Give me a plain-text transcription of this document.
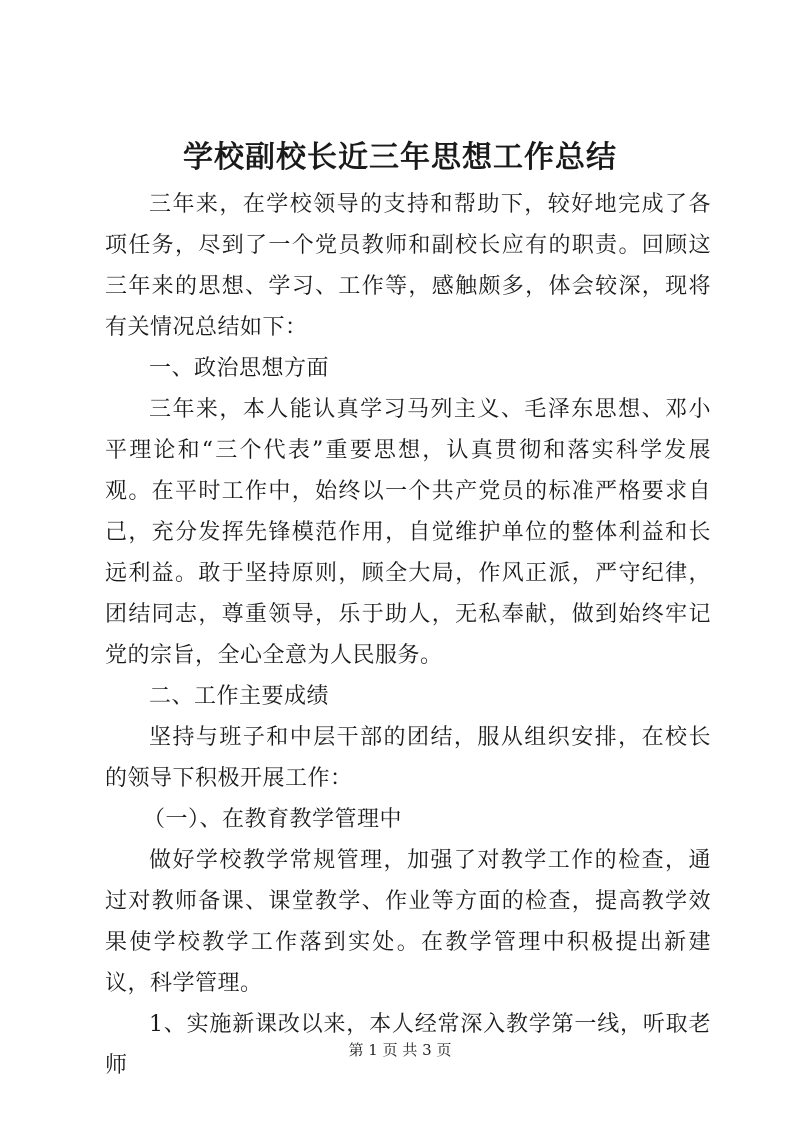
学校副校长近三年思想工作总结

三年来，在学校领导的支持和帮助下，较好地完成了各项任务，尽到了一个党员教师和副校长应有的职责。回顾这三年来的思想、学习、工作等，感触颇多，体会较深，现将有关情况总结如下：

一、政治思想方面

三年来，本人能认真学习马列主义、毛泽东思想、邓小平理论和“三个代表”重要思想，认真贯彻和落实科学发展观。在平时工作中，始终以一个共产党员的标准严格要求自己，充分发挥先锋模范作用，自觉维护单位的整体利益和长远利益。敢于坚持原则，顾全大局，作风正派，严守纪律，团结同志，尊重领导，乐于助人，无私奉献，做到始终牢记党的宗旨，全心全意为人民服务。

二、工作主要成绩

坚持与班子和中层干部的团结，服从组织安排，在校长的领导下积极开展工作：

（一）、在教育教学管理中

做好学校教学常规管理，加强了对教学工作的检查，通过对教师备课、课堂教学、作业等方面的检查，提高教学效果使学校教学工作落到实处。在教学管理中积极提出新建议，科学管理。

1、实施新课改以来，本人经常深入教学第一线，听取老师

第 1 页 共 3 页
